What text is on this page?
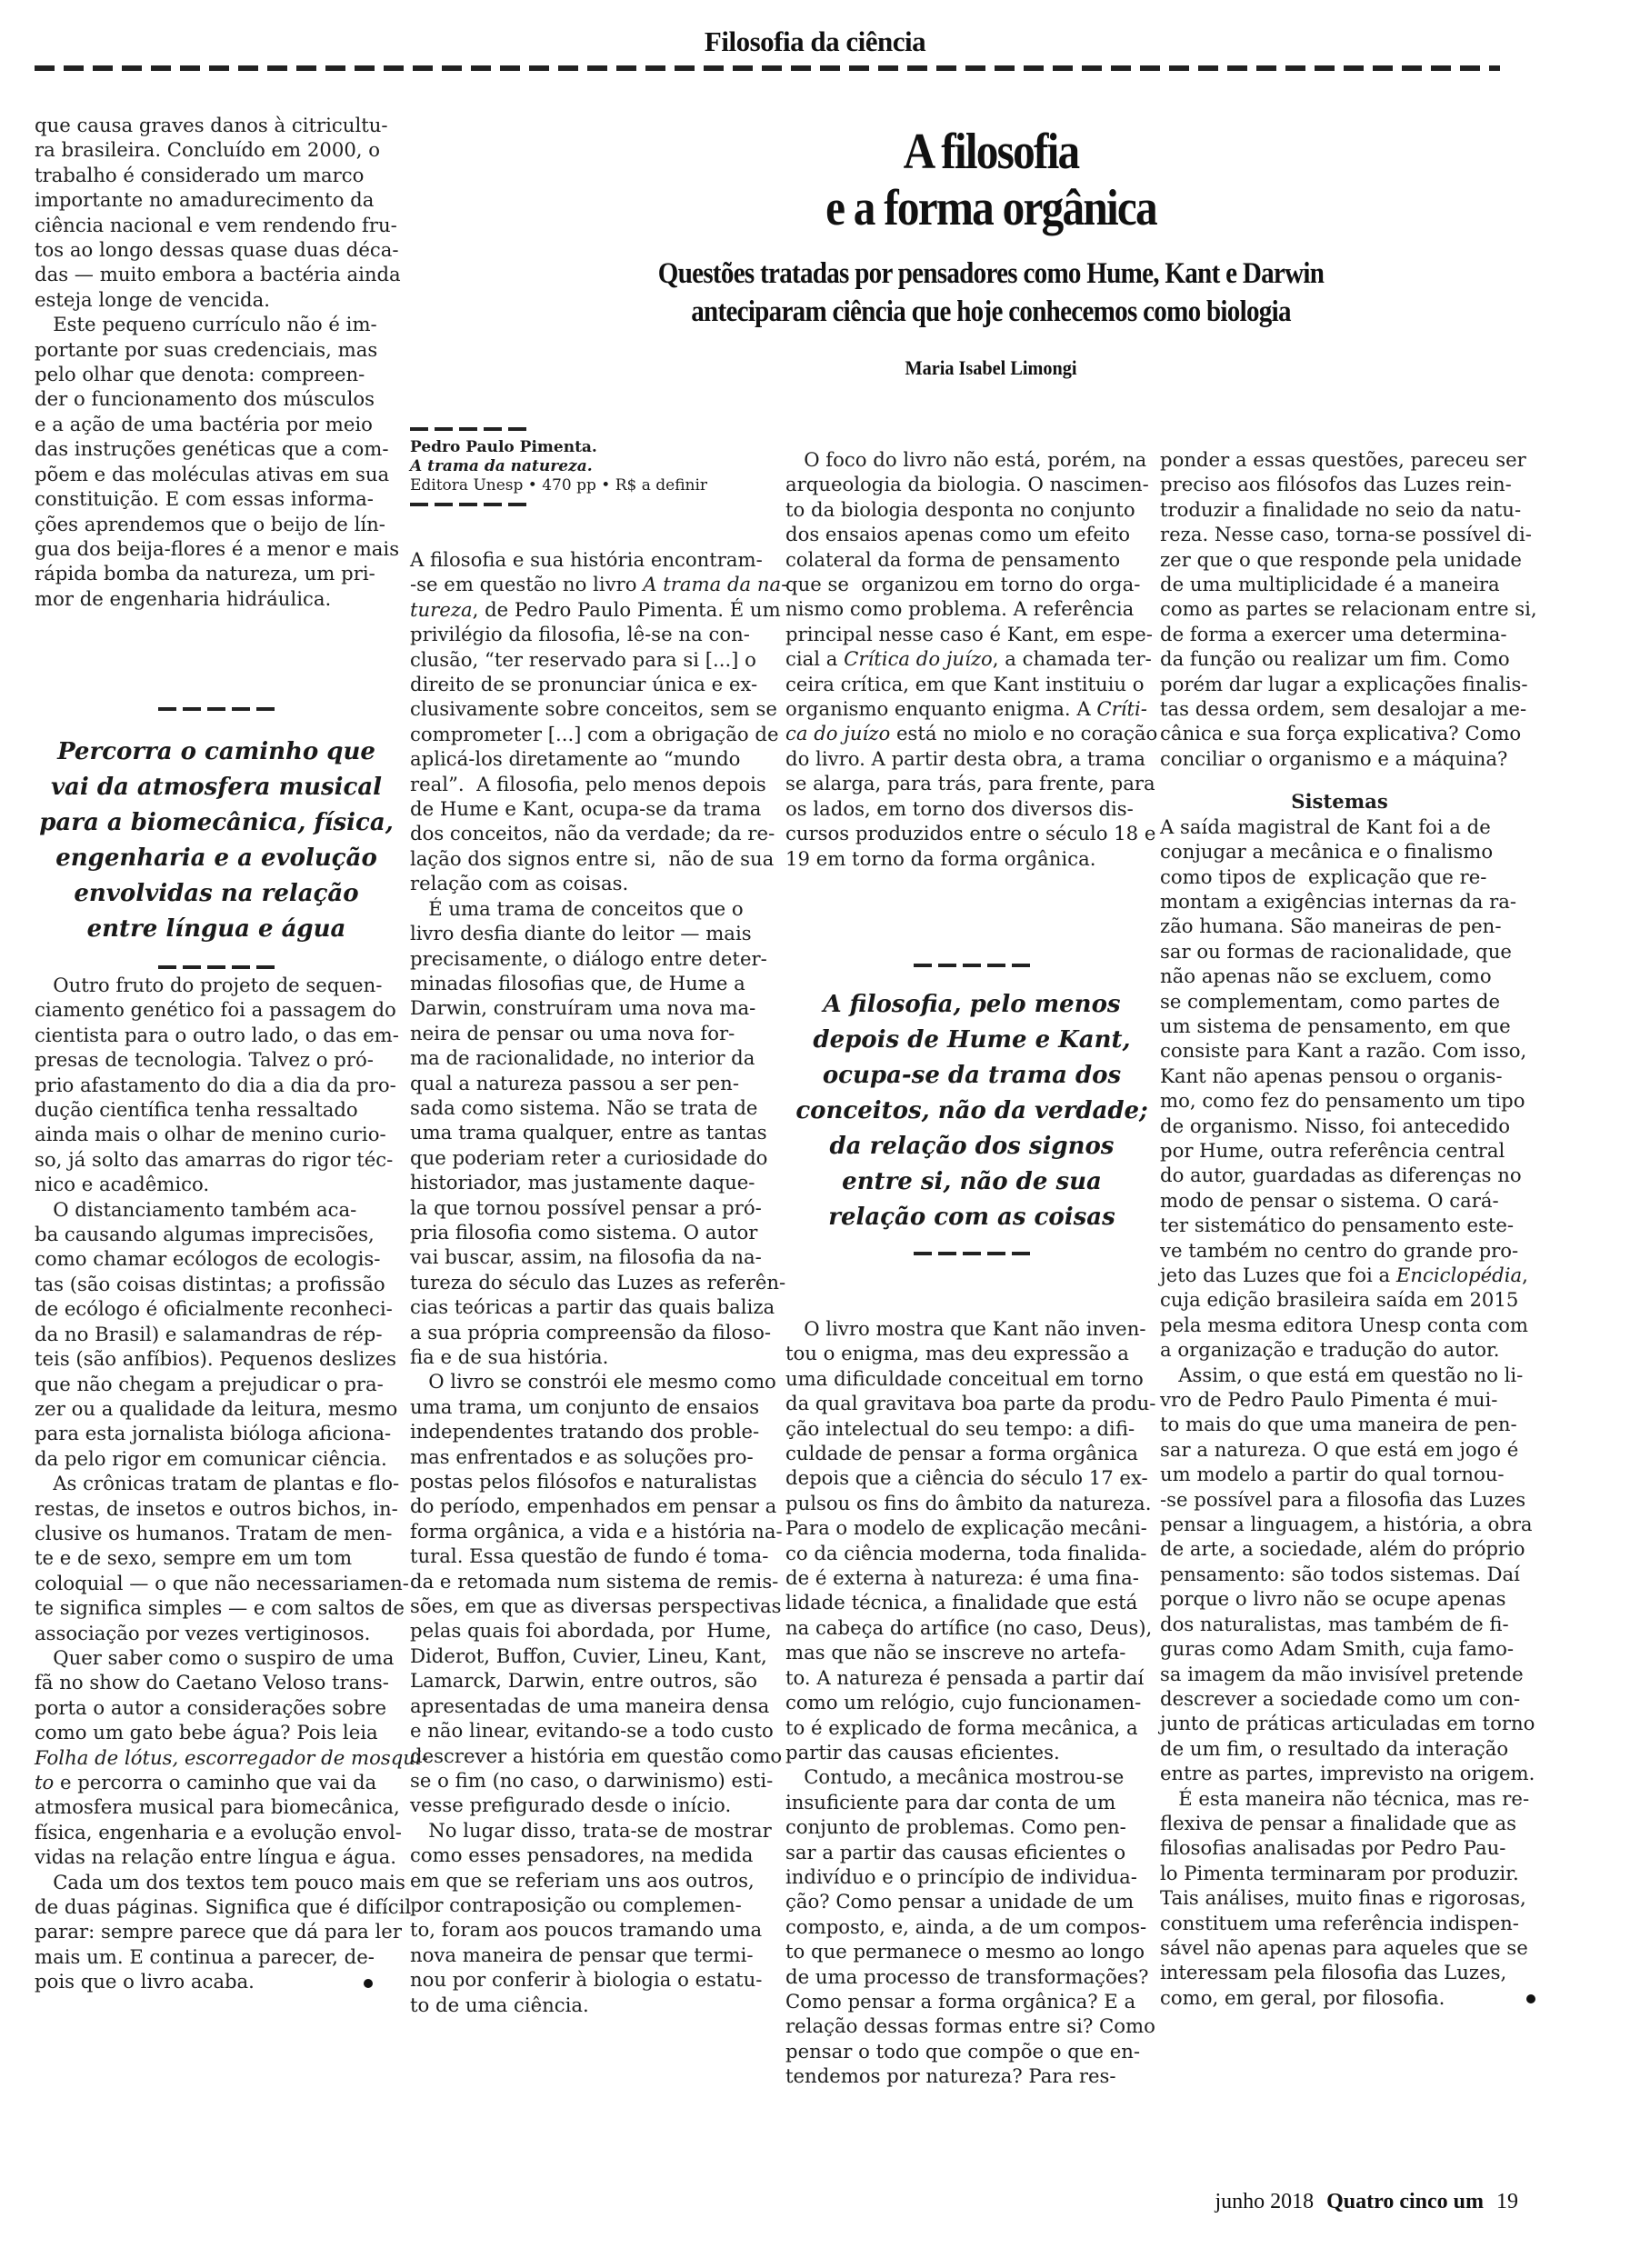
Filosofia da ciência
A filosofia
e a forma orgânica
Questões tratadas por pensadores como Hume, Kant e Darwin
anteciparam ciência que hoje conhecemos como biologia
Maria Isabel Limongi
que causa graves danos à citricultu-
ra brasileira. Concluído em 2000, o
trabalho é considerado um marco
importante no amadurecimento da
ciência nacional e vem rendendo fru-
tos ao longo dessas quase duas déca-
das — muito embora a bactéria ainda
esteja longe de vencida.
Este pequeno currículo não é im-
portante por suas credenciais, mas
pelo olhar que denota: compreen-
der o funcionamento dos músculos
e a ação de uma bactéria por meio
das instruções genéticas que a com-
põem e das moléculas ativas em sua
constituição. E com essas informa-
ções aprendemos que o beijo de lín-
gua dos beija-flores é a menor e mais
rápida bomba da natureza, um pri-
mor de engenharia hidráulica.
Percorra o caminho que
vai da atmosfera musical
para a biomecânica, física,
engenharia e a evolução
envolvidas na relação
entre língua e água
Outro fruto do projeto de sequen-
ciamento genético foi a passagem do
cientista para o outro lado, o das em-
presas de tecnologia. Talvez o pró-
prio afastamento do dia a dia da pro-
dução científica tenha ressaltado
ainda mais o olhar de menino curio-
so, já solto das amarras do rigor téc-
nico e acadêmico.
O distanciamento também aca-
ba causando algumas imprecisões,
como chamar ecólogos de ecologis-
tas (são coisas distintas; a profissão
de ecólogo é oficialmente reconheci-
da no Brasil) e salamandras de rép-
teis (são anfíbios). Pequenos deslizes
que não chegam a prejudicar o pra-
zer ou a qualidade da leitura, mesmo
para esta jornalista bióloga aficiona-
da pelo rigor em comunicar ciência.
As crônicas tratam de plantas e flo-
restas, de insetos e outros bichos, in-
clusive os humanos. Tratam de men-
te e de sexo, sempre em um tom
coloquial — o que não necessariamen-
te significa simples — e com saltos de
associação por vezes vertiginosos.
Quer saber como o suspiro de uma
fã no show do Caetano Veloso trans-
porta o autor a considerações sobre
como um gato bebe água? Pois leia
Folha de lótus, escorregador de mosqui-
to e percorra o caminho que vai da
atmosfera musical para biomecânica,
física, engenharia e a evolução envol-
vidas na relação entre língua e água.
Cada um dos textos tem pouco mais
de duas páginas. Significa que é difícil
parar: sempre parece que dá para ler
mais um. E continua a parecer, de-
pois que o livro acaba.
Pedro Paulo Pimenta.
A trama da natureza.
Editora Unesp • 470 pp • R$ a definir
A filosofia e sua história encontram-
-se em questão no livro A trama da na-
tureza, de Pedro Paulo Pimenta. É um
privilégio da filosofia, lê-se na con-
clusão, “ter reservado para si [...] o
direito de se pronunciar única e ex-
clusivamente sobre conceitos, sem se
comprometer [...] com a obrigação de
aplicá-los diretamente ao “mundo
real”.  A filosofia, pelo menos depois
de Hume e Kant, ocupa-se da trama
dos conceitos, não da verdade; da re-
lação dos signos entre si,  não de sua
relação com as coisas.
É uma trama de conceitos que o
livro desfia diante do leitor — mais
precisamente, o diálogo entre deter-
minadas filosofias que, de Hume a
Darwin, construíram uma nova ma-
neira de pensar ou uma nova for-
ma de racionalidade, no interior da
qual a natureza passou a ser pen-
sada como sistema. Não se trata de
uma trama qualquer, entre as tantas
que poderiam reter a curiosidade do
historiador, mas justamente daque-
la que tornou possível pensar a pró-
pria filosofia como sistema. O autor
vai buscar, assim, na filosofia da na-
tureza do século das Luzes as referên-
cias teóricas a partir das quais baliza
a sua própria compreensão da filoso-
fia e de sua história.
O livro se constrói ele mesmo como
uma trama, um conjunto de ensaios
independentes tratando dos proble-
mas enfrentados e as soluções pro-
postas pelos filósofos e naturalistas
do período, empenhados em pensar a
forma orgânica, a vida e a história na-
tural. Essa questão de fundo é toma-
da e retomada num sistema de remis-
sões, em que as diversas perspectivas
pelas quais foi abordada, por  Hume,
Diderot, Buffon, Cuvier, Lineu, Kant,
Lamarck, Darwin, entre outros, são
apresentadas de uma maneira densa
e não linear, evitando-se a todo custo
descrever a história em questão como
se o fim (no caso, o darwinismo) esti-
vesse prefigurado desde o início.
No lugar disso, trata-se de mostrar
como esses pensadores, na medida
em que se referiam uns aos outros,
por contraposição ou complemen-
to, foram aos poucos tramando uma
nova maneira de pensar que termi-
nou por conferir à biologia o estatu-
to de uma ciência.
O foco do livro não está, porém, na
arqueologia da biologia. O nascimen-
to da biologia desponta no conjunto
dos ensaios apenas como um efeito
colateral da forma de pensamento
que se  organizou em torno do orga-
nismo como problema. A referência
principal nesse caso é Kant, em espe-
cial a Crítica do juízo, a chamada ter-
ceira crítica, em que Kant instituiu o
organismo enquanto enigma. A Críti-
ca do juízo está no miolo e no coração
do livro. A partir desta obra, a trama
se alarga, para trás, para frente, para
os lados, em torno dos diversos dis-
cursos produzidos entre o século 18 e
19 em torno da forma orgânica.
A filosofia, pelo menos
depois de Hume e Kant,
ocupa-se da trama dos
conceitos, não da verdade;
da relação dos signos
entre si, não de sua
relação com as coisas
O livro mostra que Kant não inven-
tou o enigma, mas deu expressão a
uma dificuldade conceitual em torno
da qual gravitava boa parte da produ-
ção intelectual do seu tempo: a difi-
culdade de pensar a forma orgânica
depois que a ciência do século 17 ex-
pulsou os fins do âmbito da natureza.
Para o modelo de explicação mecâni-
co da ciência moderna, toda finalida-
de é externa à natureza: é uma fina-
lidade técnica, a finalidade que está
na cabeça do artífice (no caso, Deus),
mas que não se inscreve no artefa-
to. A natureza é pensada a partir daí
como um relógio, cujo funcionamen-
to é explicado de forma mecânica, a
partir das causas eficientes.
Contudo, a mecânica mostrou-se
insuficiente para dar conta de um
conjunto de problemas. Como pen-
sar a partir das causas eficientes o
indivíduo e o princípio de individua-
ção? Como pensar a unidade de um
composto, e, ainda, a de um compos-
to que permanece o mesmo ao longo
de uma processo de transformações?
Como pensar a forma orgânica? E a
relação dessas formas entre si? Como
pensar o todo que compõe o que en-
tendemos por natureza? Para res-
ponder a essas questões, pareceu ser
preciso aos filósofos das Luzes rein-
troduzir a finalidade no seio da natu-
reza. Nesse caso, torna-se possível di-
zer que o que responde pela unidade
de uma multiplicidade é a maneira
como as partes se relacionam entre si,
de forma a exercer uma determina-
da função ou realizar um fim. Como
porém dar lugar a explicações finalis-
tas dessa ordem, sem desalojar a me-
cânica e sua força explicativa? Como
conciliar o organismo e a máquina?
Sistemas
A saída magistral de Kant foi a de
conjugar a mecânica e o finalismo
como tipos de  explicação que re-
montam a exigências internas da ra-
zão humana. São maneiras de pen-
sar ou formas de racionalidade, que
não apenas não se excluem, como
se complementam, como partes de
um sistema de pensamento, em que
consiste para Kant a razão. Com isso,
Kant não apenas pensou o organis-
mo, como fez do pensamento um tipo
de organismo. Nisso, foi antecedido
por Hume, outra referência central
do autor, guardadas as diferenças no
modo de pensar o sistema. O cará-
ter sistemático do pensamento este-
ve também no centro do grande pro-
jeto das Luzes que foi a Enciclopédia,
cuja edição brasileira saída em 2015
pela mesma editora Unesp conta com
a organização e tradução do autor.
Assim, o que está em questão no li-
vro de Pedro Paulo Pimenta é mui-
to mais do que uma maneira de pen-
sar a natureza. O que está em jogo é
um modelo a partir do qual tornou-
-se possível para a filosofia das Luzes
pensar a linguagem, a história, a obra
de arte, a sociedade, além do próprio
pensamento: são todos sistemas. Daí
porque o livro não se ocupe apenas
dos naturalistas, mas também de fi-
guras como Adam Smith, cuja famo-
sa imagem da mão invisível pretende
descrever a sociedade como um con-
junto de práticas articuladas em torno
de um fim, o resultado da interação
entre as partes, imprevisto na origem.
É esta maneira não técnica, mas re-
flexiva de pensar a finalidade que as
filosofias analisadas por Pedro Pau-
lo Pimenta terminaram por produzir.
Tais análises, muito finas e rigorosas,
constituem uma referência indispen-
sável não apenas para aqueles que se
interessam pela filosofia das Luzes,
como, em geral, por filosofia.
junho 2018 Quatro cinco um 19
